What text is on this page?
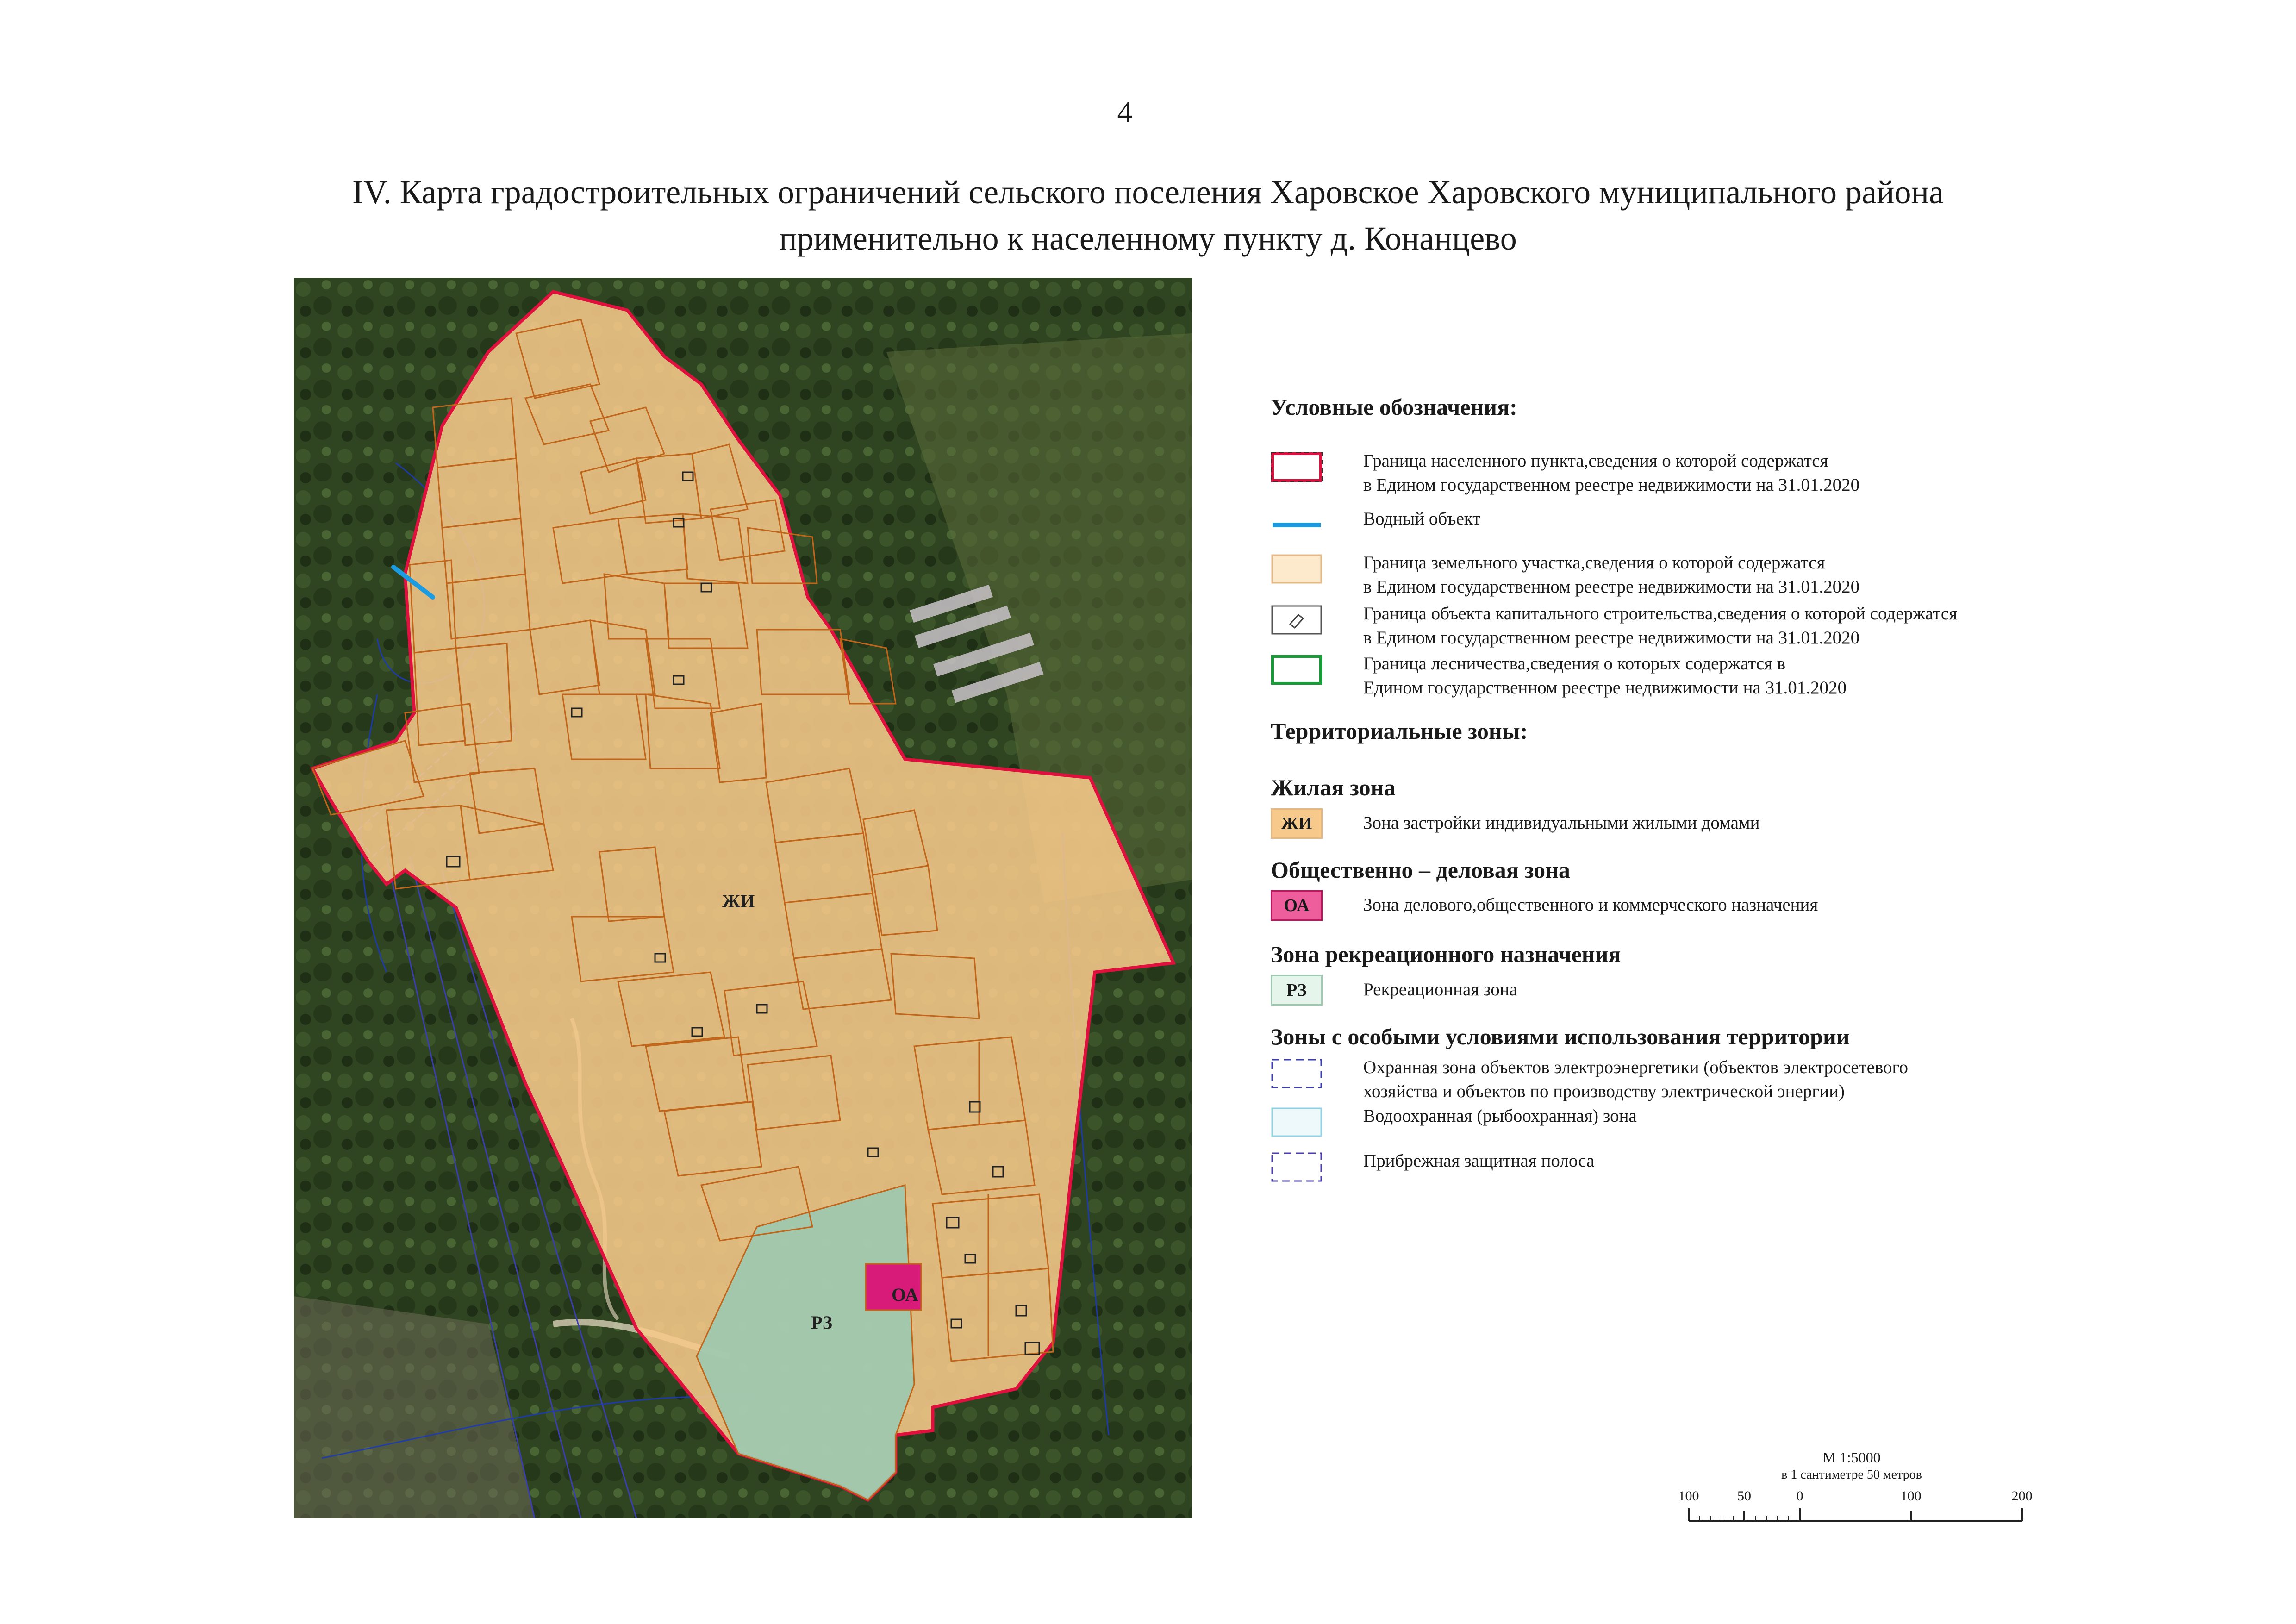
4
IV. Карта градостроительных ограничений сельского поселения Харовское Харовского муниципального района
применительно к населенному пункту д. Конанцево
ЖИ
ОА
РЗ
Условные обозначения:
Граница населенного пункта,сведения о которой содержатся
в Едином государственном реестре недвижимости на 31.01.2020
Водный объект
Граница земельного участка,сведения о которой содержатся
в Едином государственном реестре недвижимости на 31.01.2020
Граница объекта капитального строительства,сведения о которой содержатся
в Едином государственном реестре недвижимости на 31.01.2020
Граница лесничества,сведения о которых содержатся в
Едином государственном реестре недвижимости на 31.01.2020
Территориальные зоны:
Жилая зона
ЖИ	Зона застройки индивидуальными жилыми домами
Общественно – деловая зона
ОА	Зона делового,общественного и коммерческого назначения
Зона рекреационного назначения
РЗ	Рекреационная зона
Зоны с особыми условиями использования территории
Охранная зона объектов электроэнергетики (объектов электросетевого
хозяйства и объектов по производству электрической энергии)
Водоохранная (рыбоохранная) зона
Прибрежная защитная полоса
М 1:5000
в 1 сантиметре 50 метров
100	50	0	100	200
